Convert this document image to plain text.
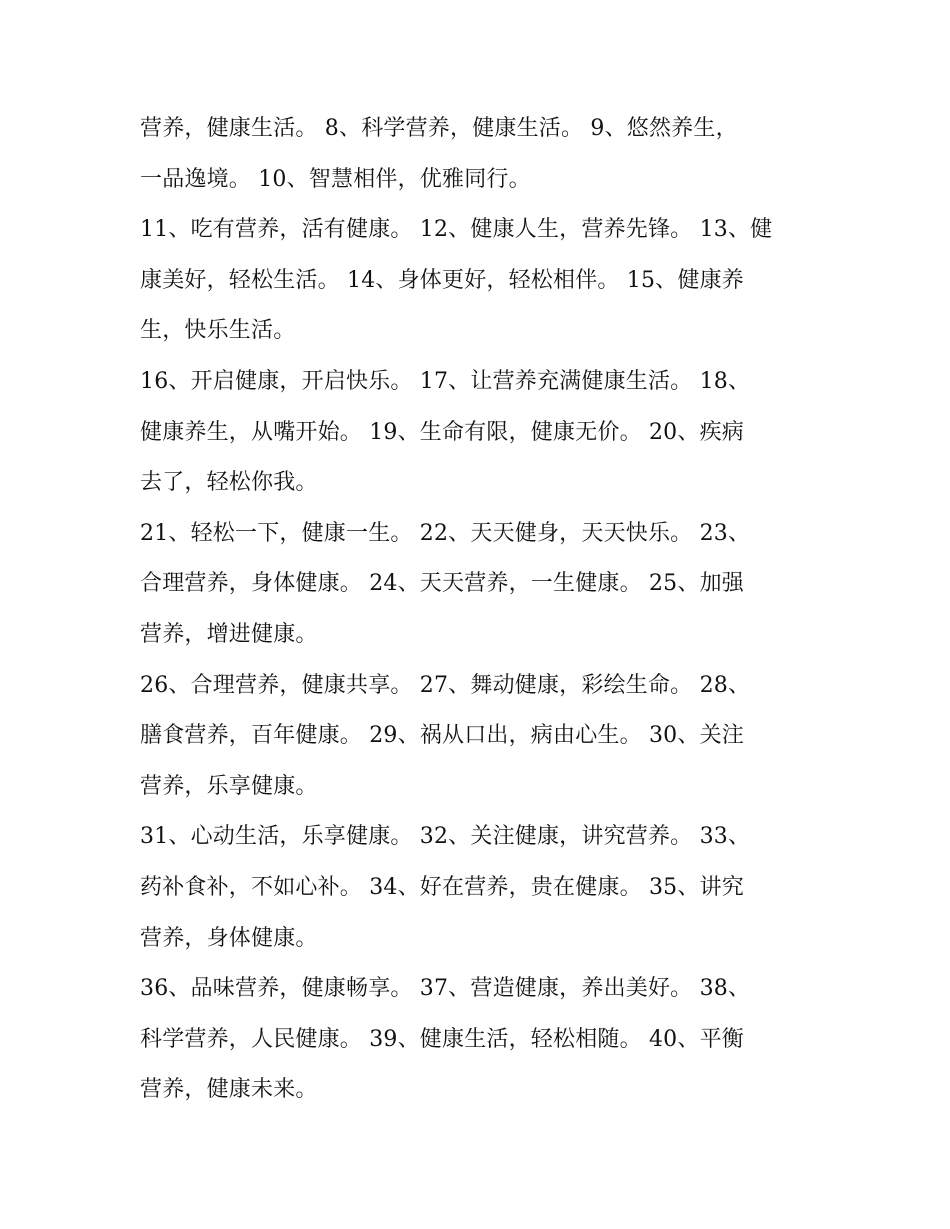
营养，健康生活。 8、科学营养，健康生活。 9、悠然养生，
一品逸境。 10、智慧相伴，优雅同行。

11、吃有营养，活有健康。 12、健康人生，营养先锋。 13、健
康美好，轻松生活。 14、身体更好，轻松相伴。 15、健康养
生，快乐生活。

16、开启健康，开启快乐。 17、让营养充满健康生活。 18、
健康养生，从嘴开始。 19、生命有限，健康无价。 20、疾病
去了，轻松你我。

21、轻松一下，健康一生。 22、天天健身，天天快乐。 23、
合理营养，身体健康。 24、天天营养，一生健康。 25、加强
营养，增进健康。

26、合理营养，健康共享。 27、舞动健康，彩绘生命。 28、
膳食营养，百年健康。 29、祸从口出，病由心生。 30、关注
营养，乐享健康。

31、心动生活，乐享健康。 32、关注健康，讲究营养。 33、
药补食补，不如心补。 34、好在营养，贵在健康。 35、讲究
营养，身体健康。

36、品味营养，健康畅享。 37、营造健康，养出美好。 38、
科学营养，人民健康。 39、健康生活，轻松相随。 40、平衡
营养，健康未来。
